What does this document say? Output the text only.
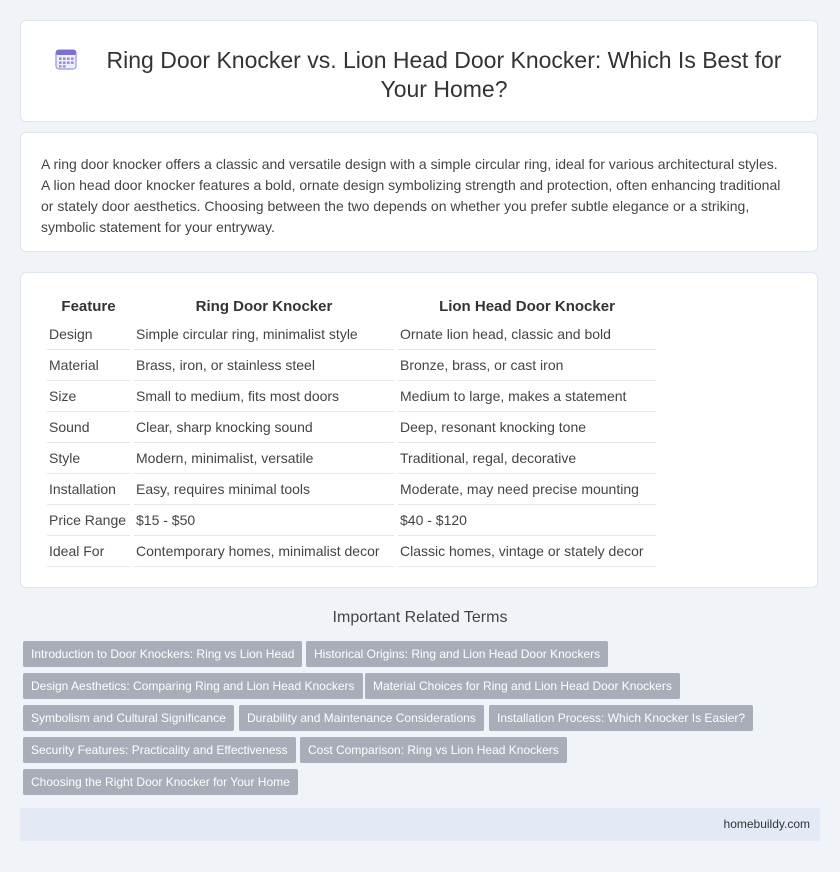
Ring Door Knocker vs. Lion Head Door Knocker: Which Is Best for Your Home?

A ring door knocker offers a classic and versatile design with a simple circular ring, ideal for various architectural styles. A lion head door knocker features a bold, ornate design symbolizing strength and protection, often enhancing traditional or stately door aesthetics. Choosing between the two depends on whether you prefer subtle elegance or a striking, symbolic statement for your entryway.

Feature	Ring Door Knocker	Lion Head Door Knocker
Design	Simple circular ring, minimalist style	Ornate lion head, classic and bold
Material	Brass, iron, or stainless steel	Bronze, brass, or cast iron
Size	Small to medium, fits most doors	Medium to large, makes a statement
Sound	Clear, sharp knocking sound	Deep, resonant knocking tone
Style	Modern, minimalist, versatile	Traditional, regal, decorative
Installation	Easy, requires minimal tools	Moderate, may need precise mounting
Price Range	$15 - $50	$40 - $120
Ideal For	Contemporary homes, minimalist decor	Classic homes, vintage or stately decor
Important Related Terms
Introduction to Door Knockers: Ring vs Lion Head	Historical Origins: Ring and Lion Head Door Knockers
Design Aesthetics: Comparing Ring and Lion Head Knockers	Material Choices for Ring and Lion Head Door Knockers
Symbolism and Cultural Significance	Durability and Maintenance Considerations	Installation Process: Which Knocker Is Easier?
Security Features: Practicality and Effectiveness	Cost Comparison: Ring vs Lion Head Knockers
Choosing the Right Door Knocker for Your Home
homebuildy.com
